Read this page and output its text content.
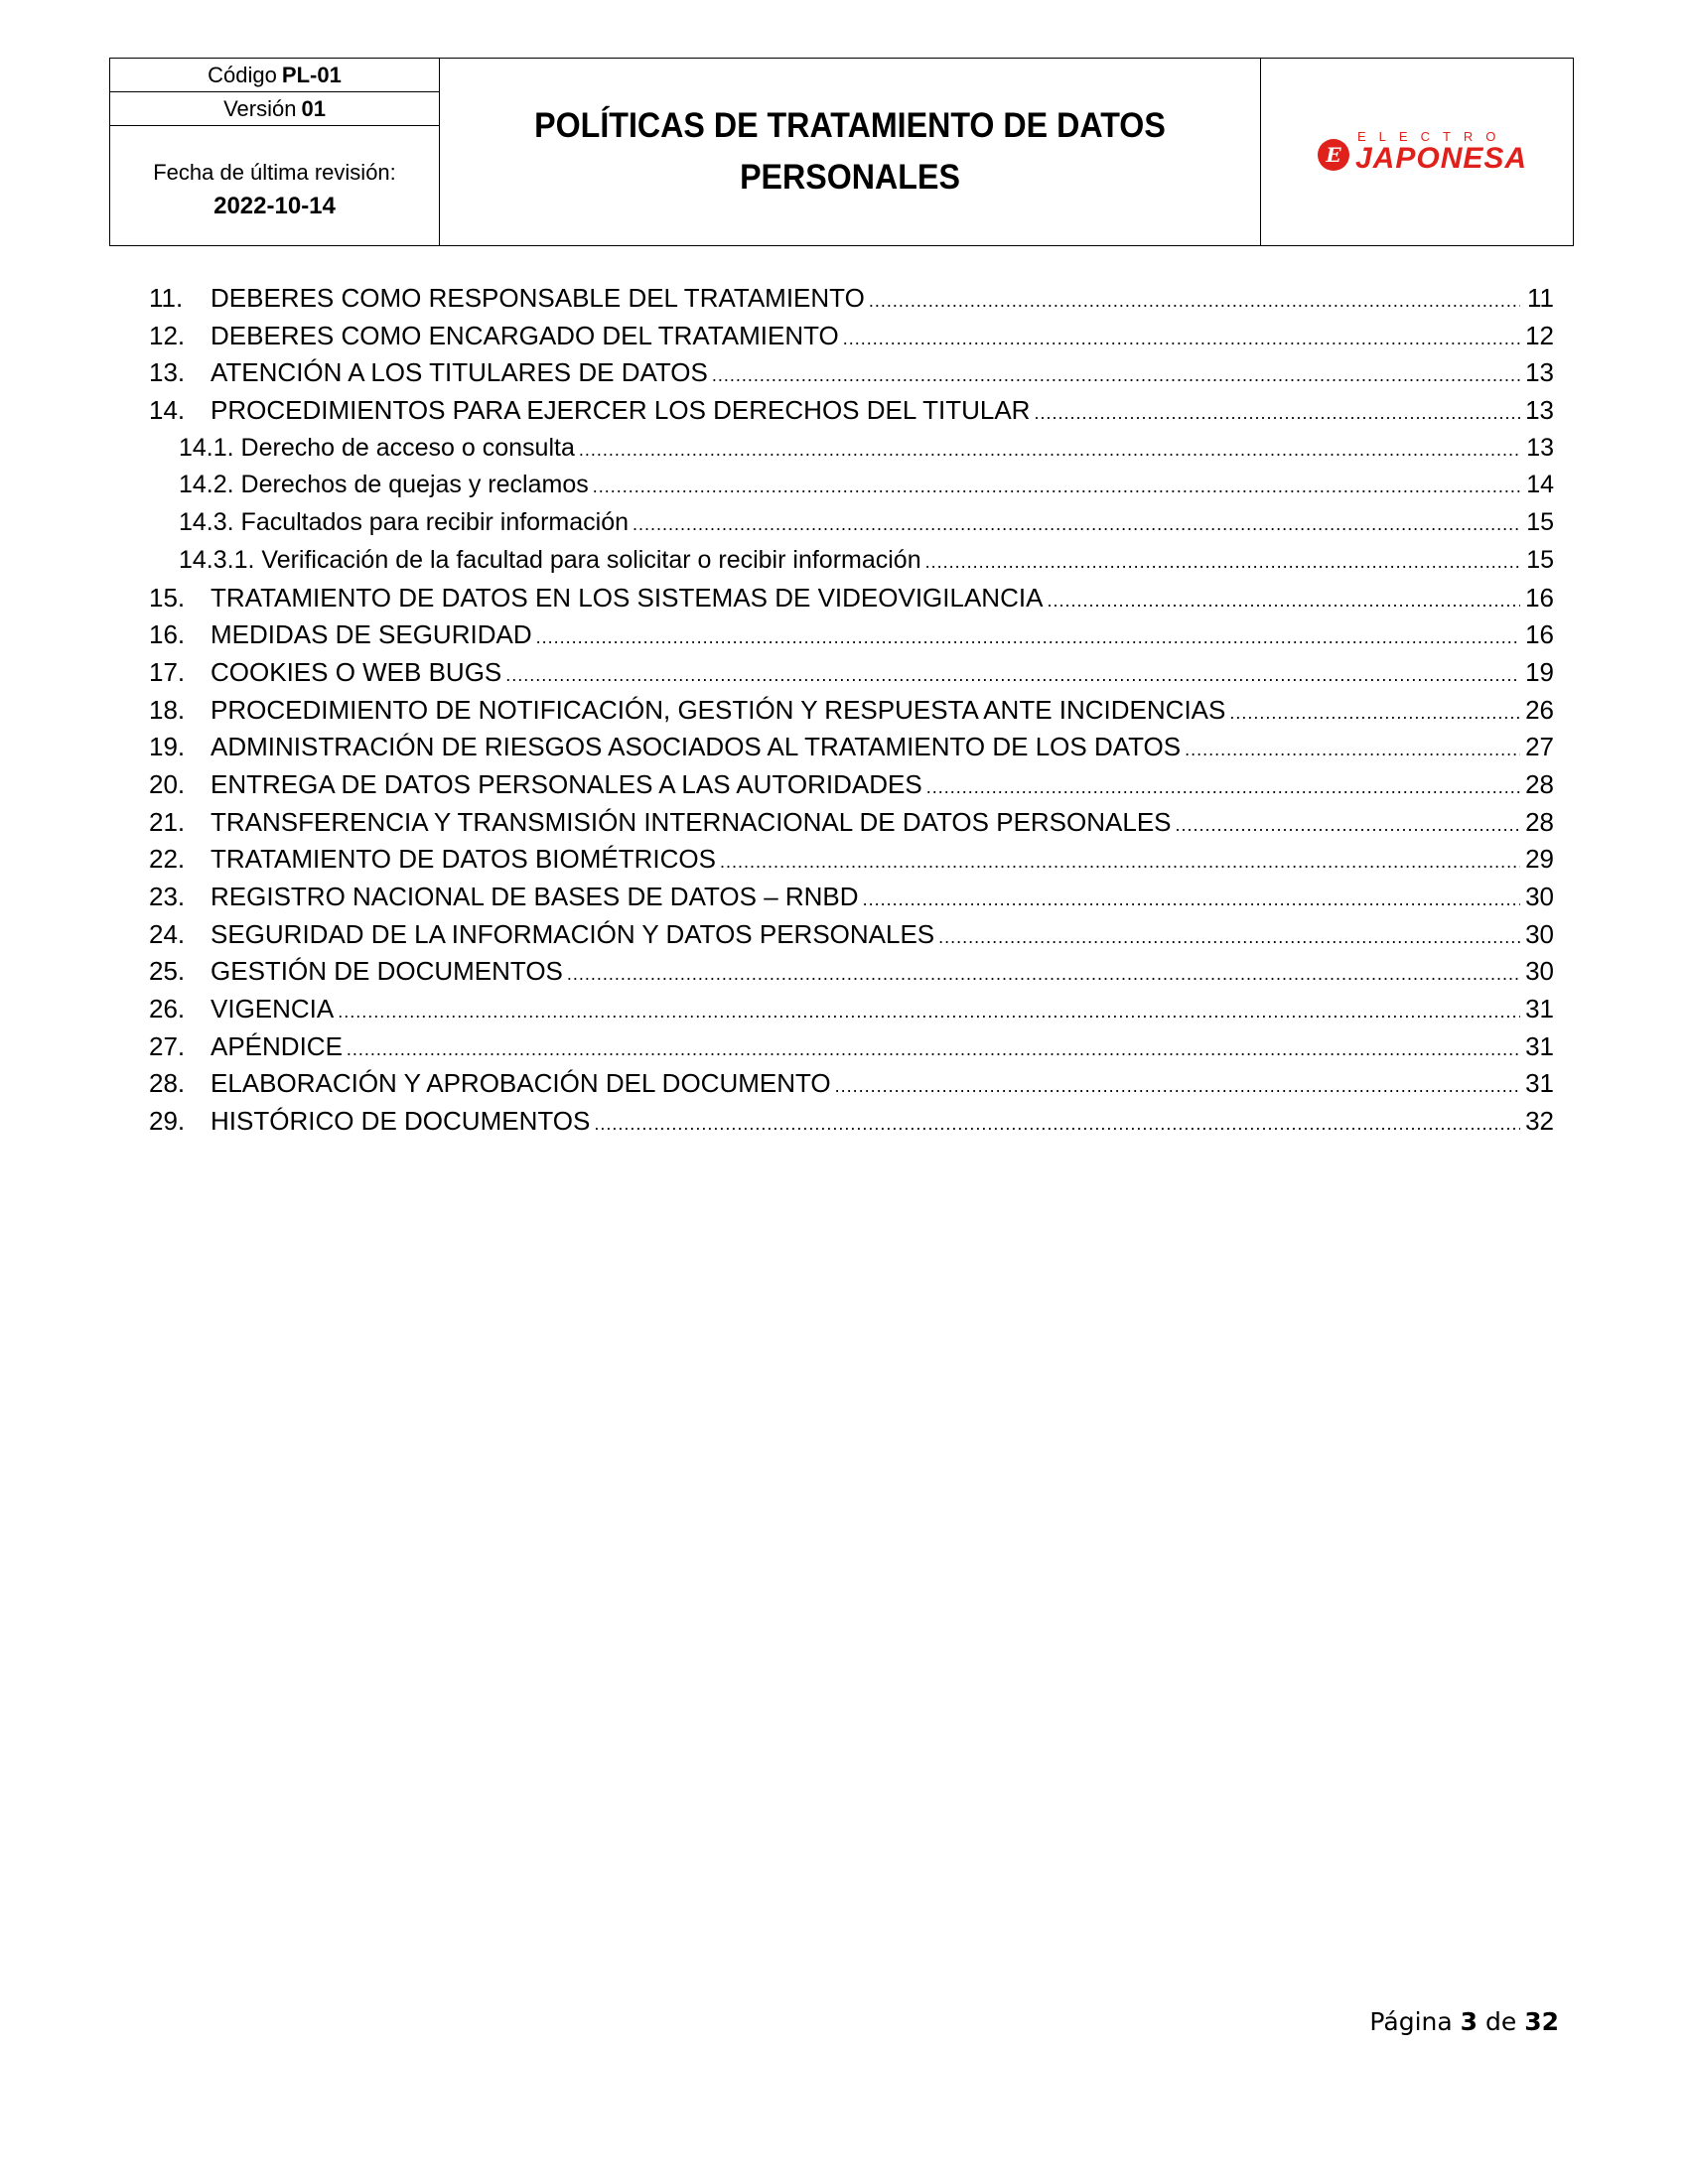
Código PL-01
Versión 01
Fecha de última revisión:
2022-10-14
POLÍTICAS DE TRATAMIENTO DE DATOS
PERSONALES
E
ELECTRO
JAPONESA
11.	DEBERES COMO RESPONSABLE DEL TRATAMIENTO .....	11
12. DEBERES COMO ENCARGADO DEL TRATAMIENTO .....	12
13. ATENCIÓN A LOS TITULARES DE DATOS .....	13
14. PROCEDIMIENTOS PARA EJERCER LOS DERECHOS DEL TITULAR .....	13
14.1. Derecho de acceso o consulta .....	13
14.2. Derechos de quejas y reclamos .....	14
14.3. Facultados para recibir información .....	15
14.3.1. Verificación de la facultad para solicitar o recibir información .....	15
15. TRATAMIENTO DE DATOS EN LOS SISTEMAS DE VIDEOVIGILANCIA .....	16
16. MEDIDAS DE SEGURIDAD .....	16
17. COOKIES O WEB BUGS .....	19
18. PROCEDIMIENTO DE NOTIFICACIÓN, GESTIÓN Y RESPUESTA ANTE INCIDENCIAS .....	26
19. ADMINISTRACIÓN DE RIESGOS ASOCIADOS AL TRATAMIENTO DE LOS DATOS .....	27
20. ENTREGA DE DATOS PERSONALES A LAS AUTORIDADES .....	28
21. TRANSFERENCIA Y TRANSMISIÓN INTERNACIONAL DE DATOS PERSONALES .....	28
22. TRATAMIENTO DE DATOS BIOMÉTRICOS .....	29
23. REGISTRO NACIONAL DE BASES DE DATOS – RNBD .....	30
24. SEGURIDAD DE LA INFORMACIÓN Y DATOS PERSONALES .....	30
25. GESTIÓN DE DOCUMENTOS .....	30
26. VIGENCIA .....	31
27. APÉNDICE .....	31
28. ELABORACIÓN Y APROBACIÓN DEL DOCUMENTO .....	31
29. HISTÓRICO DE DOCUMENTOS .....	32
Página 3 de 32
